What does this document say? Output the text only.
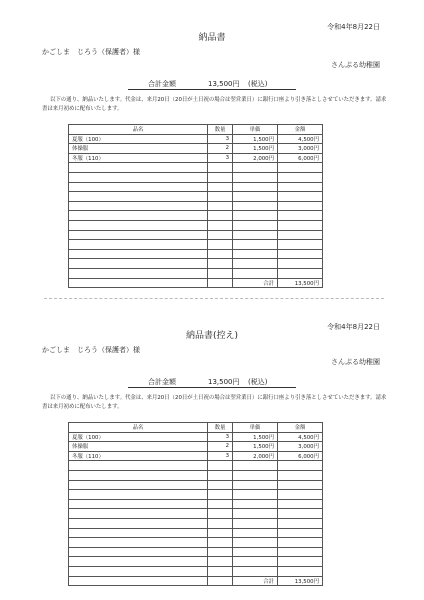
令和4年8月22日
納品書
かごしま　じろう（保護者）様
さんぷる幼稚園
合計金額	13,500円 (税込)
以下の通り、納品いたします。代金は、来月20日（20日が土日祝の場合は翌営業日）に銀行口座より引き落としさせていただきます。請求書は来月初めに配布いたします。
品名	数量	単価	金額
夏服（100）	3	1,500円	4,500円
体操服	2	1,500円	3,000円
冬服（110）	3	2,000円	6,000円

		合計	13,500円
令和4年8月22日
納品書(控え)
かごしま　じろう（保護者）様
さんぷる幼稚園
合計金額	13,500円 (税込)
以下の通り、納品いたします。代金は、来月20日（20日が土日祝の場合は翌営業日）に銀行口座より引き落としさせていただきます。請求書は来月初めに配布いたします。
品名	数量	単価	金額
夏服（100）	3	1,500円	4,500円
体操服	2	1,500円	3,000円
冬服（110）	3	2,000円	6,000円

		合計	13,500円
